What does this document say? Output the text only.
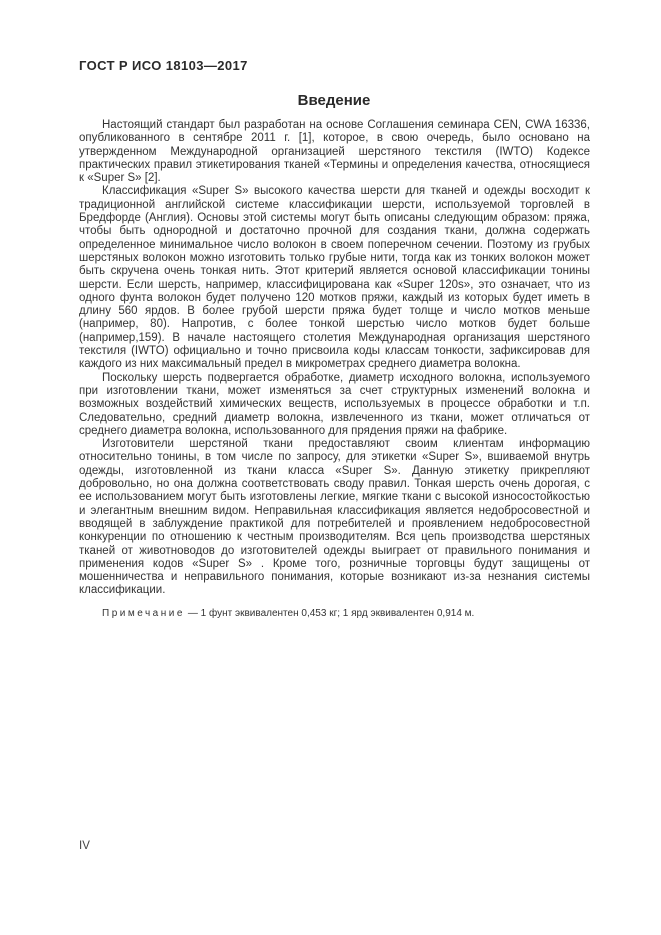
ГОСТ Р ИСО 18103—2017
Введение

Настоящий стандарт был разработан на основе Соглашения семинара CEN, CWA 16336, опубликованного в сентябре 2011 г. [1], которое, в свою очередь, было основано на утвержденном Международной организацией шерстяного текстиля (IWTO) Кодексе практических правил этикетирования тканей «Термины и определения качества, относящиеся к «Super S» [2].

Классификация «Super S» высокого качества шерсти для тканей и одежды восходит к традиционной английской системе классификации шерсти, используемой торговлей в Бредфорде (Англия). Основы этой системы могут быть описаны следующим образом: пряжа, чтобы быть однородной и достаточно прочной для создания ткани, должна содержать определенное минимальное число волокон в своем поперечном сечении. Поэтому из грубых шерстяных волокон можно изготовить только грубые нити, тогда как из тонких волокон может быть скручена очень тонкая нить. Этот критерий является основой классификации тонины шерсти. Если шерсть, например, классифицирована как «Super 120s», это означает, что из одного фунта волокон будет получено 120 мотков пряжи, каждый из которых будет иметь в длину 560 ярдов. В более грубой шерсти пряжа будет толще и число мотков меньше (например, 80). Напротив, с более тонкой шерстью число мотков будет больше (например,159). В начале настоящего столетия Международная организация шерстяного текстиля (IWTO) официально и точно присвоила коды классам тонкости, зафиксировав для каждого из них максимальный предел в микрометрах среднего диаметра волокна.

Поскольку шерсть подвергается обработке, диаметр исходного волокна, используемого при изготовлении ткани, может изменяться за счет структурных изменений волокна и возможных воздействий химических веществ, используемых в процессе обработки и т.п. Следовательно, средний диаметр волокна, извлеченного из ткани, может отличаться от среднего диаметра волокна, использованного для прядения пряжи на фабрике.

Изготовители шерстяной ткани предоставляют своим клиентам информацию относительно тонины, в том числе по запросу, для этикетки «Super S», вшиваемой внутрь одежды, изготовленной из ткани класса «Super S». Данную этикетку прикрепляют добровольно, но она должна соответствовать своду правил. Тонкая шерсть очень дорогая, с ее использованием могут быть изготовлены легкие, мягкие ткани с высокой износостойкостью и элегантным внешним видом. Неправильная классификация является недобросовестной и вводящей в заблуждение практикой для потребителей и проявлением недобросовестной конкуренции по отношению к честным производителям. Вся цепь производства шерстяных тканей от животноводов до изготовителей одежды выиграет от правильного понимания и применения кодов «Super S» . Кроме того, розничные торговцы будут защищены от мошенничества и неправильного понимания, которые возникают из-за незнания системы классификации.

Примечание — 1 фунт эквивалентен 0,453 кг; 1 ярд эквивалентен 0,914 м.

IV
